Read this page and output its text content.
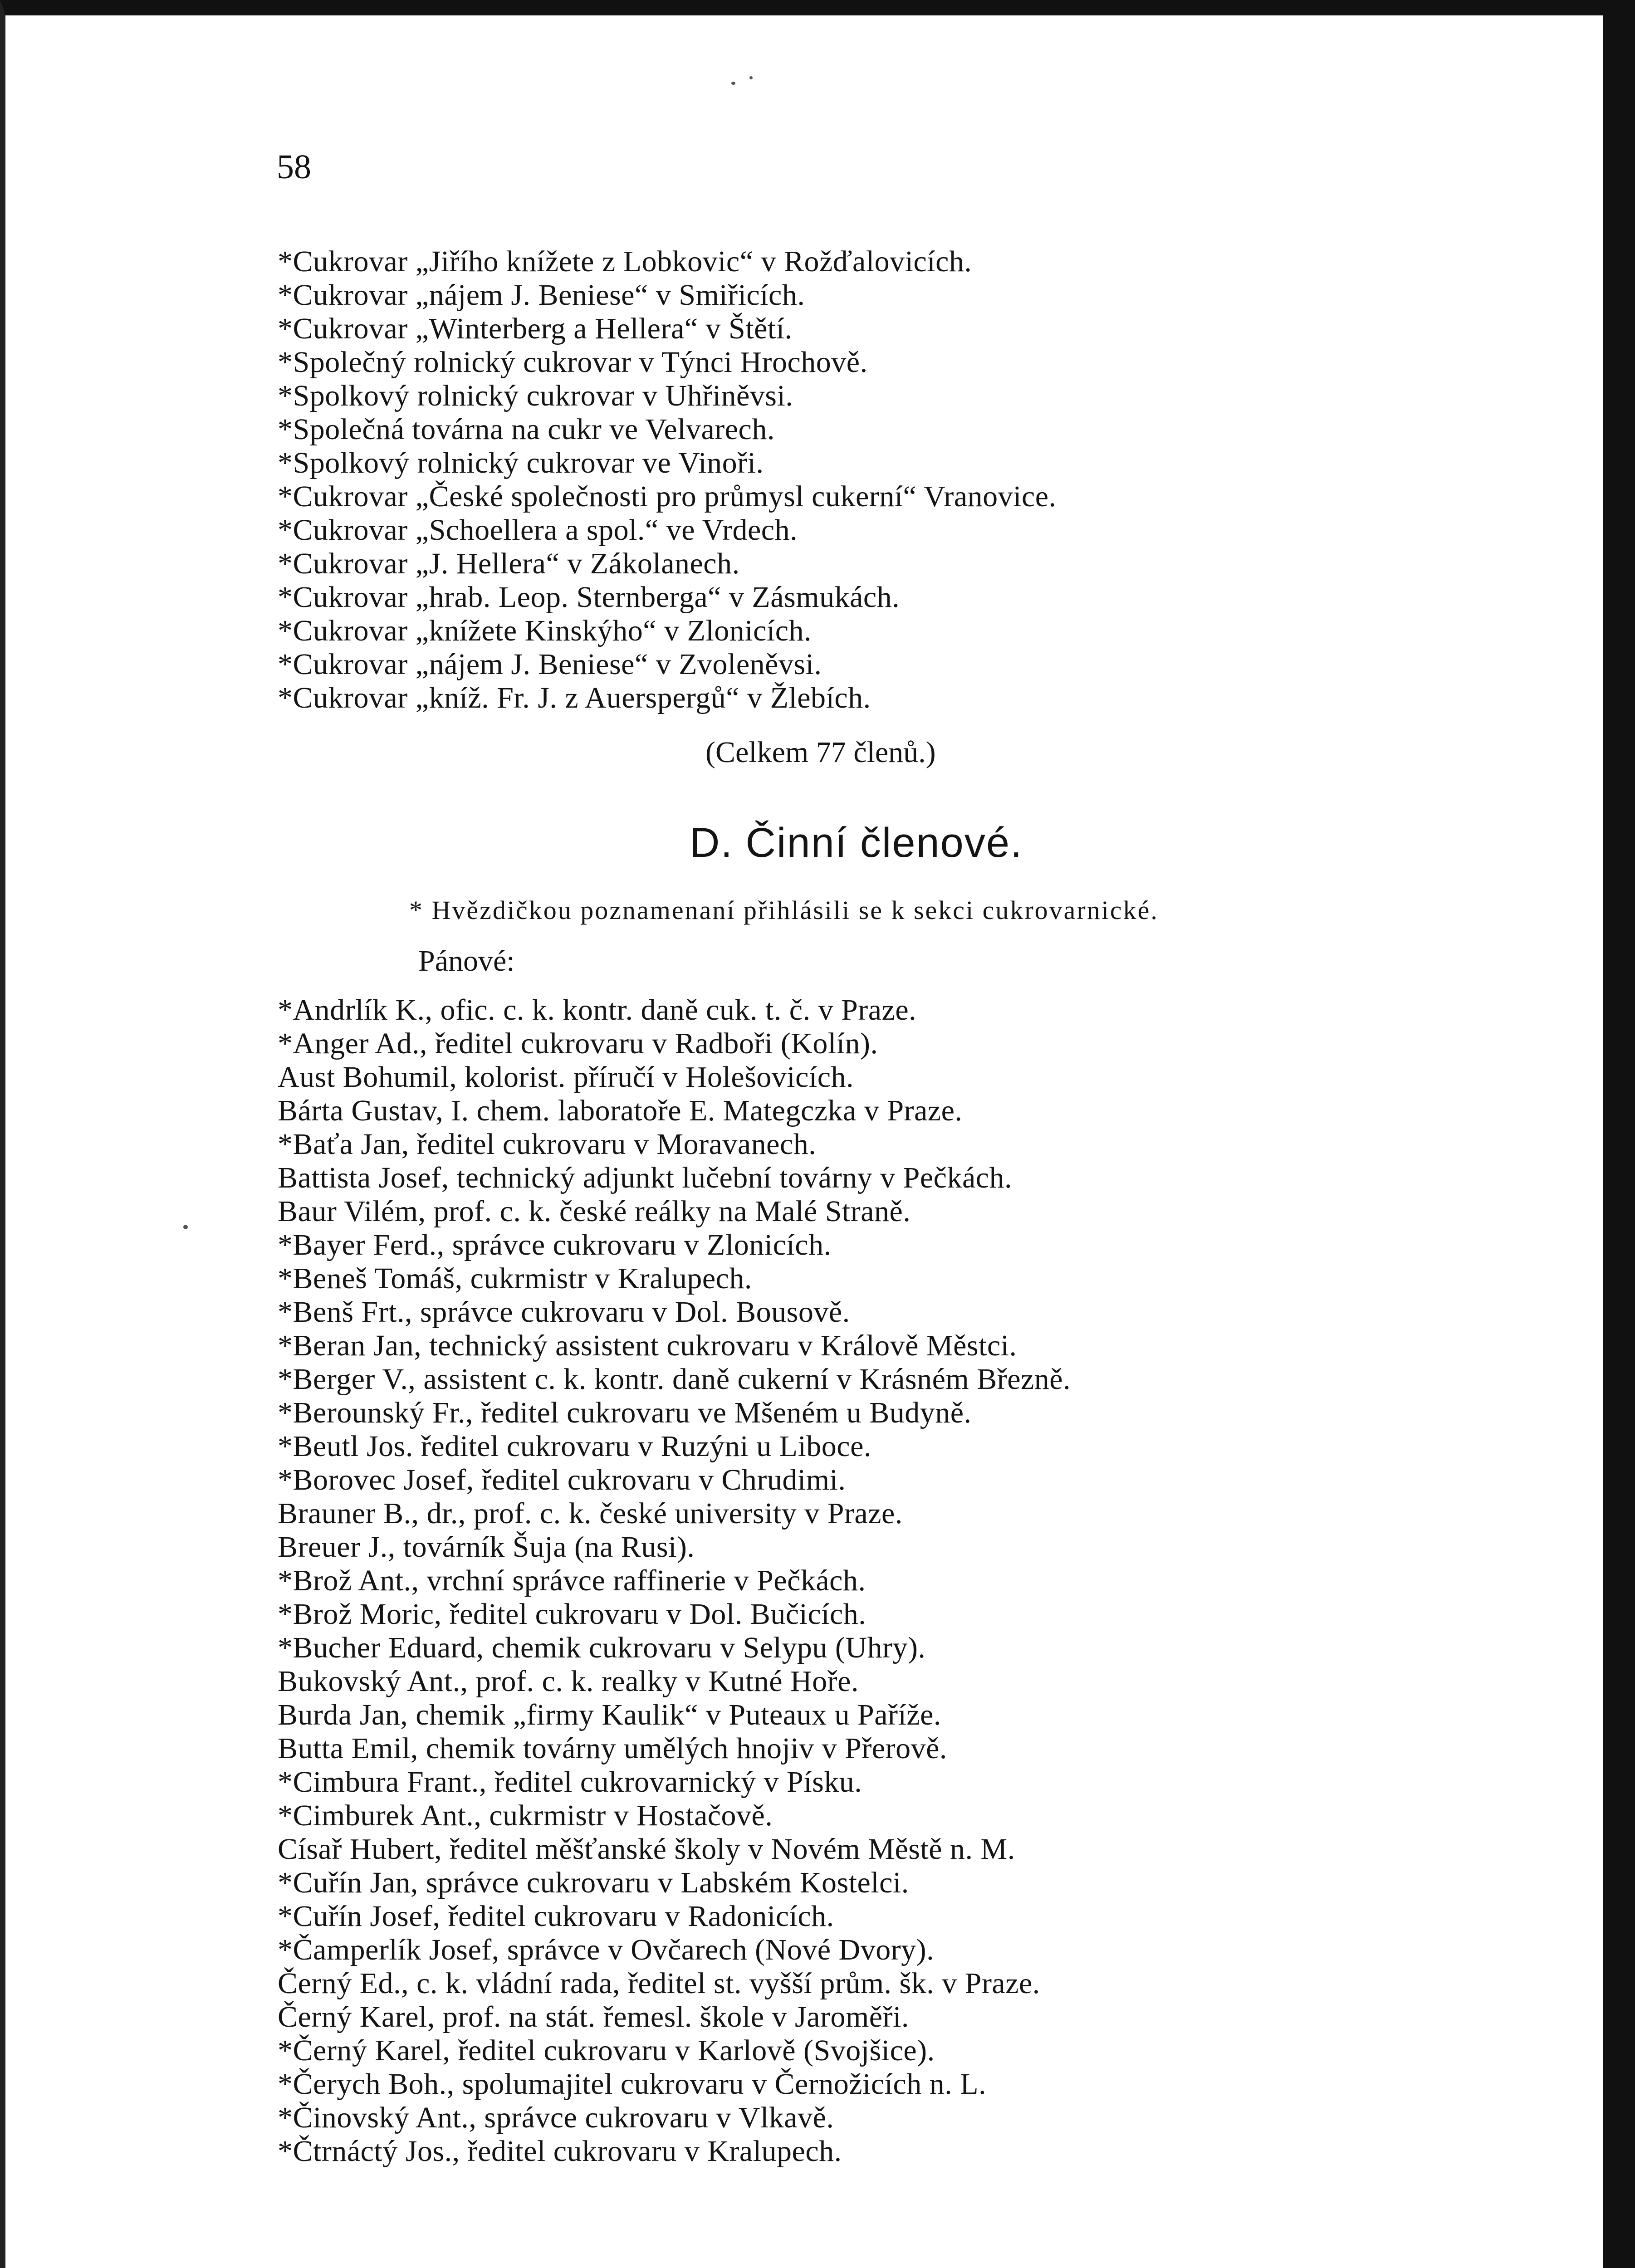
58
*Cukrovar „Jiřího knížete z Lobkovic“ v Rožďalovicích.
*Cukrovar „nájem J. Beniese“ v Smiřicích.
*Cukrovar „Winterberg a Hellera“ v Štětí.
*Společný rolnický cukrovar v Týnci Hrochově.
*Spolkový rolnický cukrovar v Uhřiněvsi.
*Společná továrna na cukr ve Velvarech.
*Spolkový rolnický cukrovar ve Vinoři.
*Cukrovar „České společnosti pro průmysl cukerní“ Vranovice.
*Cukrovar „Schoellera a spol.“ ve Vrdech.
*Cukrovar „J. Hellera“ v Zákolanech.
*Cukrovar „hrab. Leop. Sternberga“ v Zásmukách.
*Cukrovar „knížete Kinskýho“ v Zlonicích.
*Cukrovar „nájem J. Beniese“ v Zvoleněvsi.
*Cukrovar „kníž. Fr. J. z Auerspergů“ v Žlebích.
(Celkem 77 členů.)
D. Činní členové.
* Hvězdičkou poznamenaní přihlásili se k sekci cukrovarnické.
Pánové:
*Andrlík K., ofic. c. k. kontr. daně cuk. t. č. v Praze.
*Anger Ad., ředitel cukrovaru v Radboři (Kolín).
Aust Bohumil, kolorist. příručí v Holešovicích.
Bárta Gustav, I. chem. laboratoře E. Mategczka v Praze.
*Baťa Jan, ředitel cukrovaru v Moravanech.
Battista Josef, technický adjunkt lučební továrny v Pečkách.
Baur Vilém, prof. c. k. české reálky na Malé Straně.
*Bayer Ferd., správce cukrovaru v Zlonicích.
*Beneš Tomáš, cukrmistr v Kralupech.
*Benš Frt., správce cukrovaru v Dol. Bousově.
*Beran Jan, technický assistent cukrovaru v Králově Městci.
*Berger V., assistent c. k. kontr. daně cukerní v Krásném Březně.
*Berounský Fr., ředitel cukrovaru ve Mšeném u Budyně.
*Beutl Jos. ředitel cukrovaru v Ruzýni u Liboce.
*Borovec Josef, ředitel cukrovaru v Chrudimi.
Brauner B., dr., prof. c. k. české university v Praze.
Breuer J., továrník Šuja (na Rusi).
*Brož Ant., vrchní správce raffinerie v Pečkách.
*Brož Moric, ředitel cukrovaru v Dol. Bučicích.
*Bucher Eduard, chemik cukrovaru v Selypu (Uhry).
Bukovský Ant., prof. c. k. realky v Kutné Hoře.
Burda Jan, chemik „firmy Kaulik“ v Puteaux u Paříže.
Butta Emil, chemik továrny umělých hnojiv v Přerově.
*Cimbura Frant., ředitel cukrovarnický v Písku.
*Cimburek Ant., cukrmistr v Hostačově.
Císař Hubert, ředitel měšťanské školy v Novém Městě n. M.
*Cuřín Jan, správce cukrovaru v Labském Kostelci.
*Cuřín Josef, ředitel cukrovaru v Radonicích.
*Čamperlík Josef, správce v Ovčarech (Nové Dvory).
Černý Ed., c. k. vládní rada, ředitel st. vyšší prům. šk. v Praze.
Černý Karel, prof. na stát. řemesl. škole v Jaroměři.
*Černý Karel, ředitel cukrovaru v Karlově (Svojšice).
*Čerych Boh., spolumajitel cukrovaru v Černožicích n. L.
*Činovský Ant., správce cukrovaru v Vlkavě.
*Čtrnáctý Jos., ředitel cukrovaru v Kralupech.
